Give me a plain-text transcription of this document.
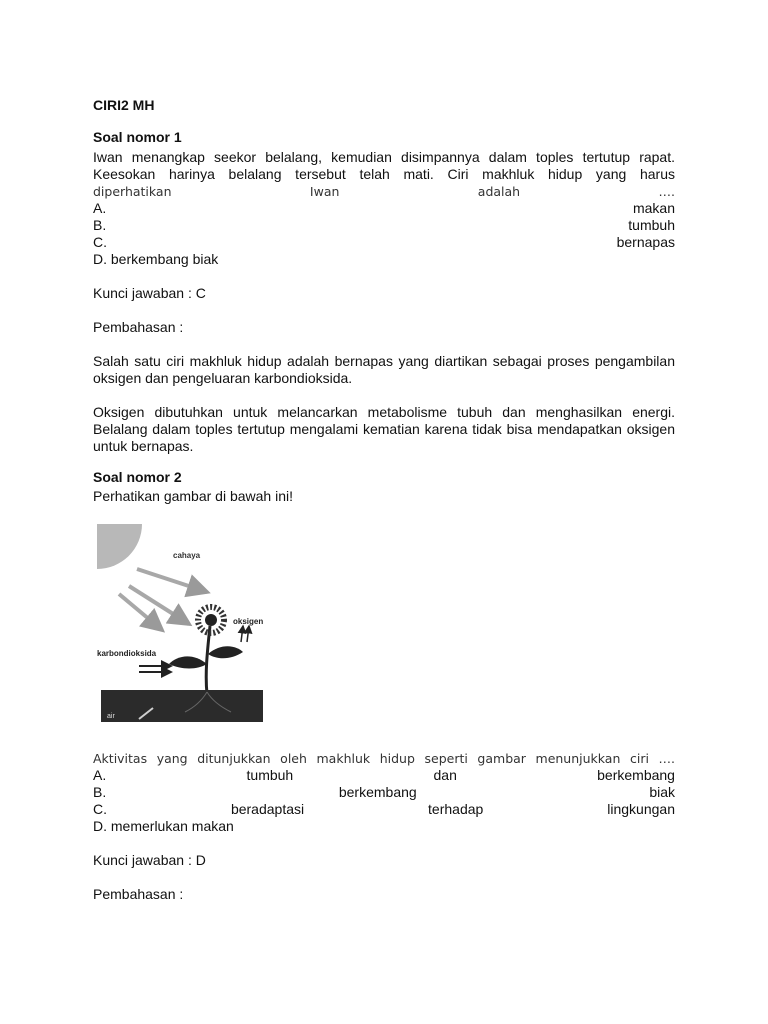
CIRI2 MH

Soal nomor 1

Iwan menangkap seekor belalang, kemudian disimpannya dalam toples tertutup rapat. Keesokan harinya belalang tersebut telah mati. Ciri makhluk hidup yang harus

diperhatikan	Iwan	adalah	….
A.	makan
B.	tumbuh
C.	bernapas

D. berkembang biak

Kunci jawaban : C

Pembahasan :

Salah satu ciri makhluk hidup adalah bernapas yang diartikan sebagai proses pengambilan oksigen dan pengeluaran karbondioksida.

Oksigen dibutuhkan untuk melancarkan metabolisme tubuh dan menghasilkan energi. Belalang dalam toples tertutup mengalami kematian karena tidak bisa mendapatkan oksigen untuk bernapas.

Soal nomor 2

Perhatikan gambar di bawah ini!

cahaya
oksigen
karbondioksida
air

Aktivitas yang ditunjukkan oleh makhluk hidup seperti gambar menunjukkan ciri ….

A.	tumbuh	dan	berkembang
B.	berkembang	biak
C.	beradaptasi	terhadap	lingkungan

D. memerlukan makan

Kunci jawaban : D

Pembahasan :
